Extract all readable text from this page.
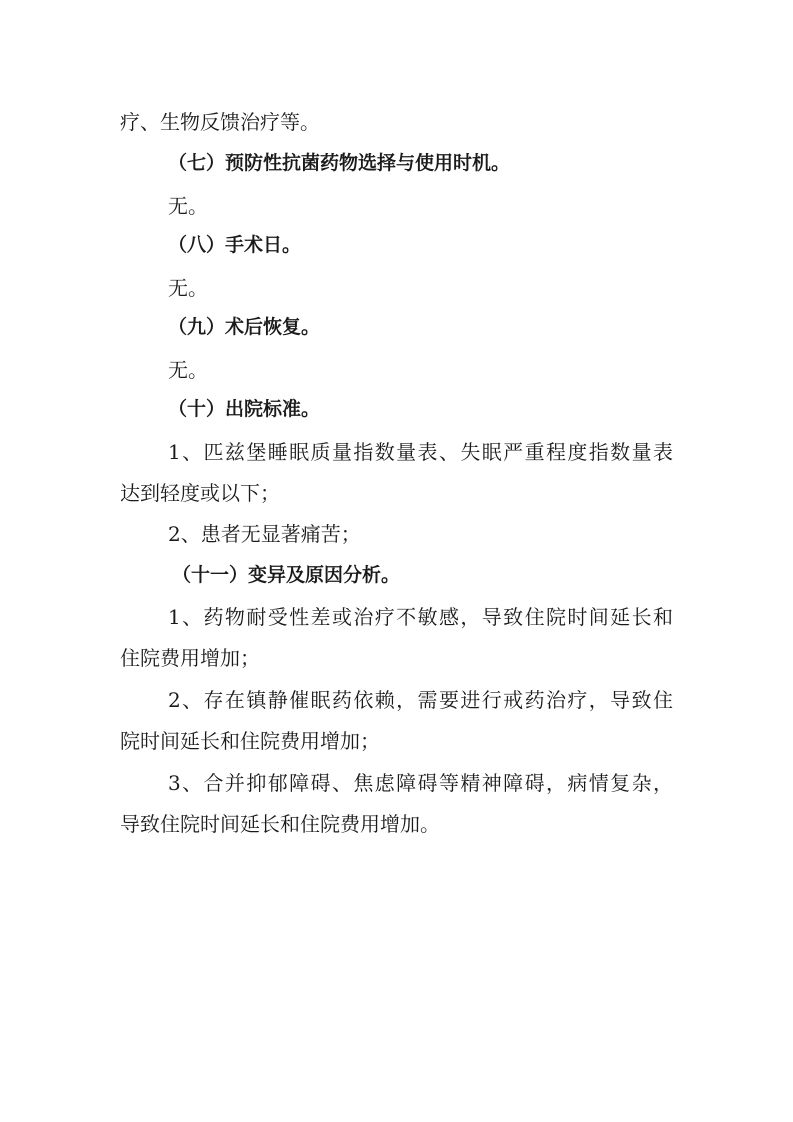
疗、生物反馈治疗等。
（七）预防性抗菌药物选择与使用时机。
无。
（八）手术日。
无。
（九）术后恢复。
无。
（十）出院标准。
1、匹兹堡睡眠质量指数量表、失眠严重程度指数量表
达到轻度或以下；
2、患者无显著痛苦；
（十一）变异及原因分析。
1、药物耐受性差或治疗不敏感，导致住院时间延长和
住院费用增加；
2、存在镇静催眠药依赖，需要进行戒药治疗，导致住
院时间延长和住院费用增加；
3、合并抑郁障碍、焦虑障碍等精神障碍，病情复杂，
导致住院时间延长和住院费用增加。
